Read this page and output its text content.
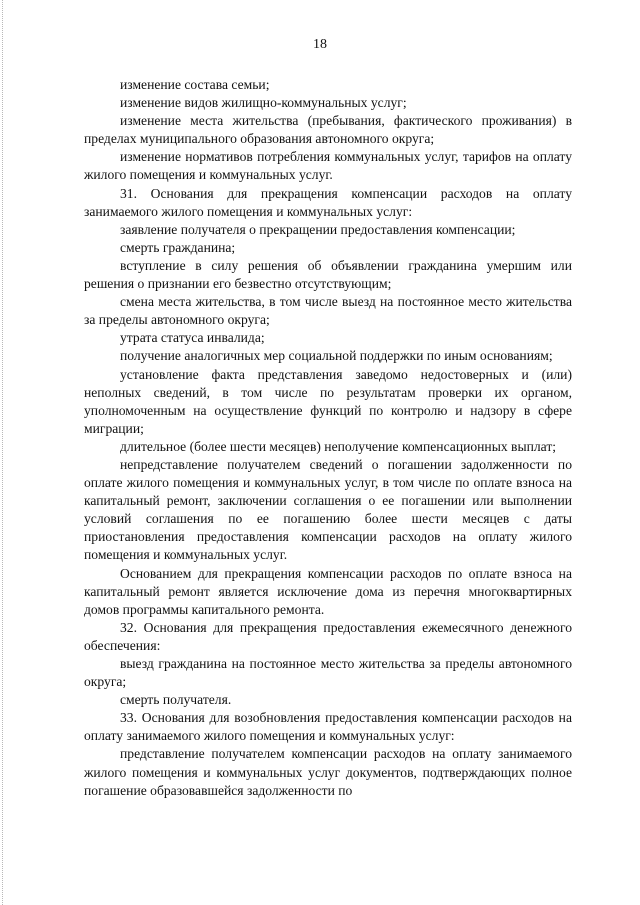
18

изменение состава семьи;

изменение видов жилищно-коммунальных услуг;

изменение места жительства (пребывания, фактического проживания) в пределах муниципального образования автономного округа;

изменение нормативов потребления коммунальных услуг, тарифов на оплату жилого помещения и коммунальных услуг.

31. Основания для прекращения компенсации расходов на оплату занимаемого жилого помещения и коммунальных услуг:

заявление получателя о прекращении предоставления компенсации;

смерть гражданина;

вступление в силу решения об объявлении гражданина умершим или решения о признании его безвестно отсутствующим;

смена места жительства, в том числе выезд на постоянное место жительства за пределы автономного округа;

утрата статуса инвалида;

получение аналогичных мер социальной поддержки по иным основаниям;

установление факта представления заведомо недостоверных и (или) неполных сведений, в том числе по результатам проверки их органом, уполномоченным на осуществление функций по контролю и надзору в сфере миграции;

длительное (более шести месяцев) неполучение компенсационных выплат;

непредставление получателем сведений о погашении задолженности по оплате жилого помещения и коммунальных услуг, в том числе по оплате взноса на капитальный ремонт, заключении соглашения о ее погашении или выполнении условий соглашения по ее погашению более шести месяцев с даты приостановления предоставления компенсации расходов на оплату жилого помещения и коммунальных услуг.

Основанием для прекращения компенсации расходов по оплате взноса на капитальный ремонт является исключение дома из перечня многоквартирных домов программы капитального ремонта.

32. Основания для прекращения предоставления ежемесячного денежного обеспечения:

выезд гражданина на постоянное место жительства за пределы автономного округа;

смерть получателя.

33. Основания для возобновления предоставления компенсации расходов на оплату занимаемого жилого помещения и коммунальных услуг:

представление получателем компенсации расходов на оплату занимаемого жилого помещения и коммунальных услуг документов, подтверждающих полное погашение образовавшейся задолженности по
